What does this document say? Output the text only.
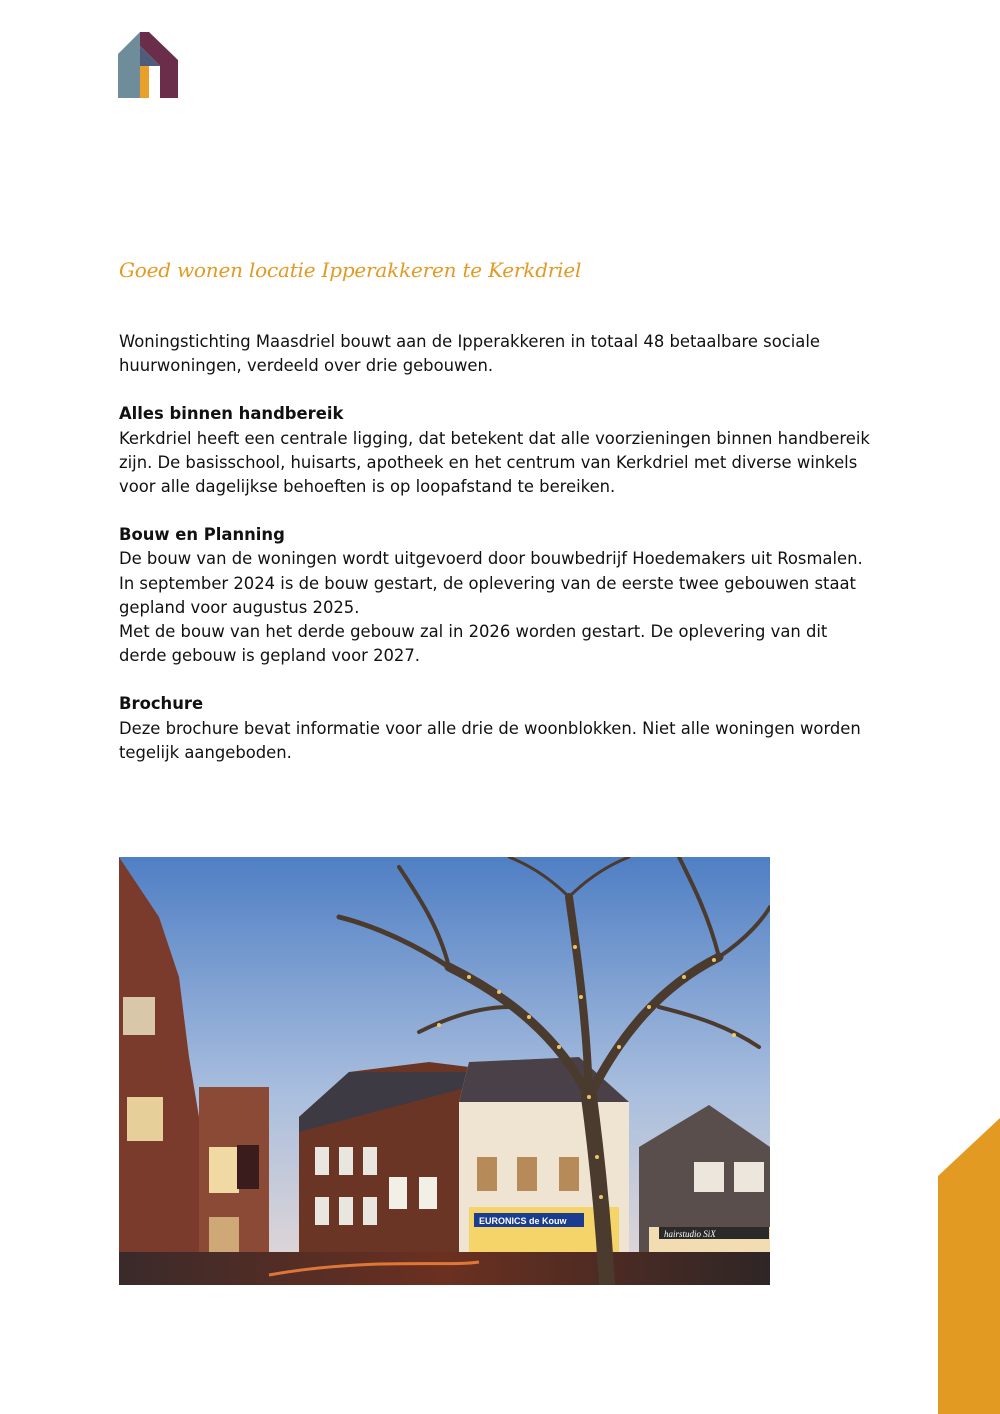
Goed wonen locatie Ipperakkeren te Kerkdriel

Woningstichting Maasdriel bouwt aan de Ipperakkeren in totaal 48 betaalbare sociale huurwoningen, verdeeld over drie gebouwen.

Alles binnen handbereik

Kerkdriel heeft een centrale ligging, dat betekent dat alle voorzieningen binnen handbereik zijn. De basisschool, huisarts, apotheek en het centrum van Kerkdriel met diverse winkels voor alle dagelijkse behoeften is op loopafstand te bereiken.

Bouw en Planning

De bouw van de woningen wordt uitgevoerd door bouwbedrijf Hoedemakers uit Rosmalen.

In september 2024 is de bouw gestart, de oplevering van de eerste twee gebouwen staat gepland voor augustus 2025.

Met de bouw van het derde gebouw zal in 2026 worden gestart. De oplevering van dit derde gebouw is gepland voor 2027.

Brochure

Deze brochure bevat informatie voor alle drie de woonblokken. Niet alle woningen worden tegelijk aangeboden.

EURONICS de Kouw
hairstudio SiX
